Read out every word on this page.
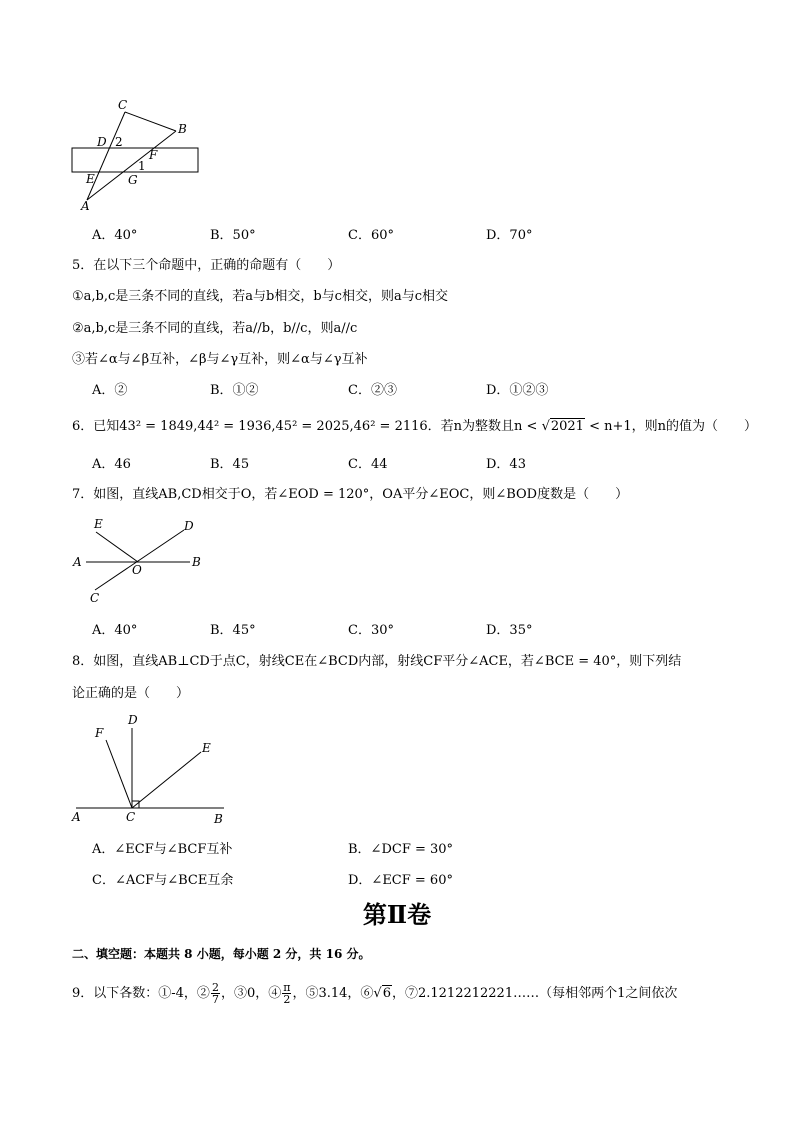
C
B
D 2
F
1
E	G
A
A．40°	B．50°	C．60°	D．70°
5．在以下三个命题中，正确的命题有（　　）
①a,b,c是三条不同的直线，若a与b相交，b与c相交，则a与c相交
②a,b,c是三条不同的直线，若a//b，b//c，则a//c
③若∠α与∠β互补，∠β与∠γ互补，则∠α与∠γ互补
A．②	B．①②	C．②③	D．①②③
6．已知43² = 1849,44² = 1936,45² = 2025,46² = 2116．若n为整数且n < √2021 < n+1，则n的值为（　　）
A．46	B．45	C．44	D．43
7．如图，直线AB,CD相交于O，若∠EOD = 120°，OA平分∠EOC，则∠BOD度数是（　　）
E	D
A
O
B
C
A．40°	B．45°	C．30°	D．35°
8．如图，直线AB⊥CD于点C，射线CE在∠BCD内部，射线CF平分∠ACE，若∠BCE = 40°，则下列结
论正确的是（　　）
D
F
E
A	C	B
A．∠ECF与∠BCF互补	B．∠DCF = 30°
C．∠ACF与∠BCE互余	D．∠ECF = 60°
第Ⅱ卷
二、填空题：本题共 8 小题，每小题 2 分，共 16 分。
9．以下各数：①-4，② $\frac{2}{7}$ ，③0，④ $\frac{\pi}{2}$ ，⑤3.14，⑥√6，⑦2.1212212221……（每相邻两个1之间依次
